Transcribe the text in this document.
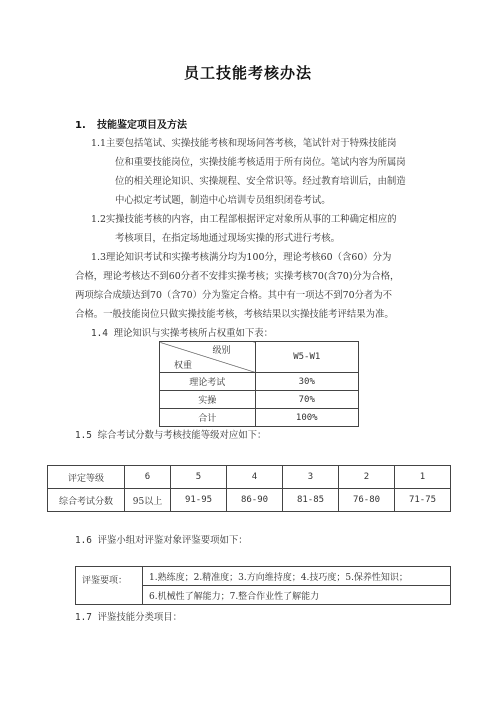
员工技能考核办法
1. 技能鉴定项目及方法
1.1主要包括笔试、实操技能考核和现场问答考核，笔试针对于特殊技能岗
位和重要技能岗位，实操技能考核适用于所有岗位。笔试内容为所属岗
位的相关理论知识、实操规程、安全常识等。经过教育培训后，由制造
中心拟定考试题，制造中心培训专员组织闭卷考试。
1.2实操技能考核的内容，由工程部根据评定对象所从事的工种确定相应的
考核项目，在指定场地通过现场实操的形式进行考核。
1.3理论知识考试和实操考核满分均为100分，理论考核60（含60）分为
合格，理论考核达不到60分者不安排实操考核；实操考核70(含70)分为合格，
两项综合成绩达到70（含70）分为鉴定合格。其中有一项达不到70分者为不
合格。一般技能岗位只做实操技能考核，考核结果以实操技能考评结果为准。
1.4 理论知识与实操考核所占权重如下表：
级别
权重	W5-W1
理论考试	30%
实操	70%
合计	100%
1.5 综合考试分数与考核技能等级对应如下：
评定等级	6	5	4	3	2	1
综合考试分数	95以上	91-95	86-90	81-85	76-80	71-75
1.6 评鉴小组对评鉴对象评鉴要项如下：
评鉴要项：	1.熟练度；2.精准度；3.方向维持度；4.技巧度；5.保养性知识；
6.机械性了解能力；7.整合作业性了解能力
1.7 评鉴技能分类项目：
